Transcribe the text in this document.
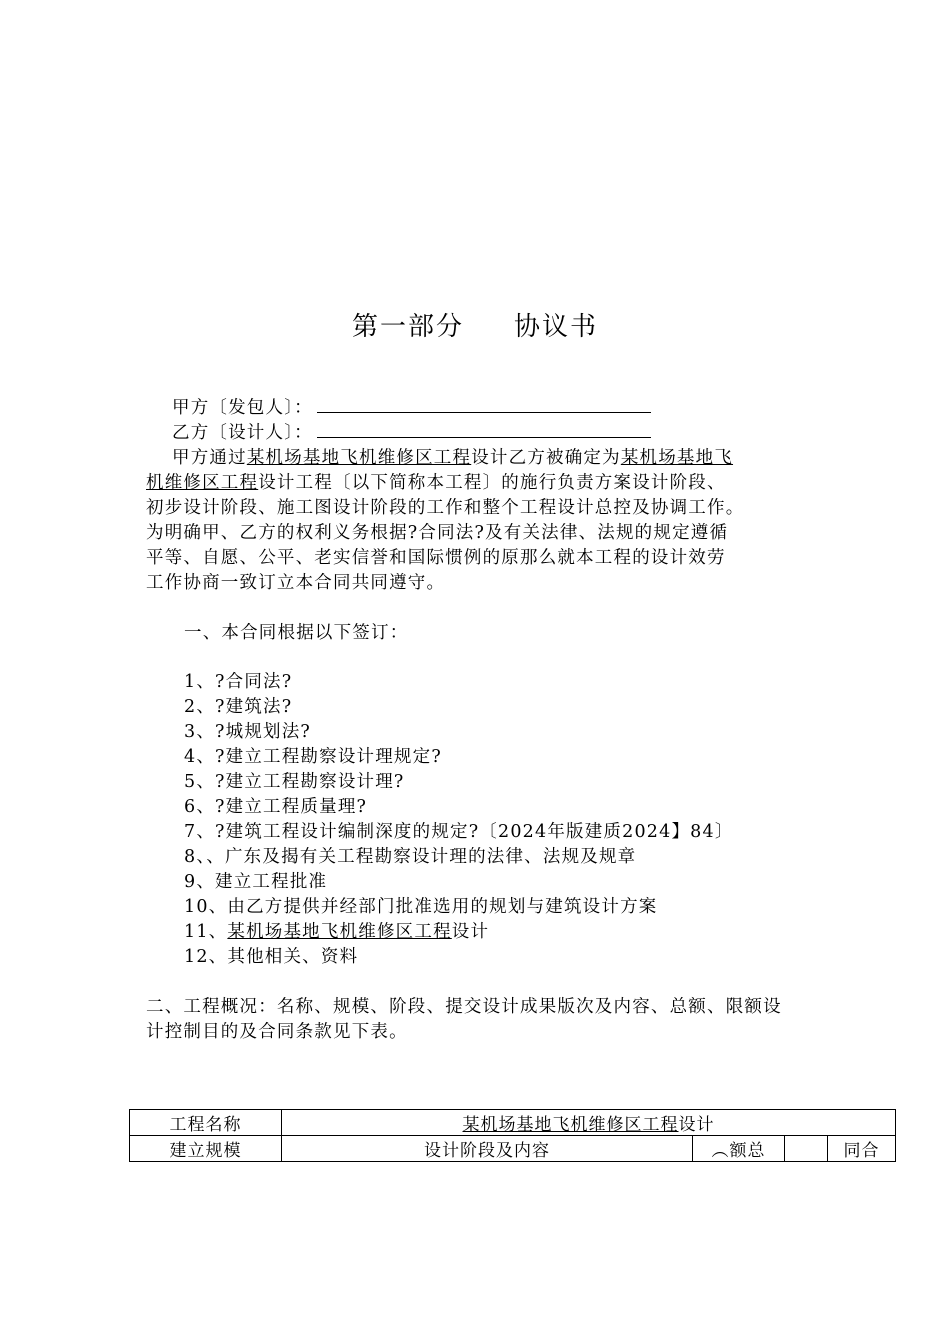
第一部分 协议书
甲方〔发包人〕：
乙方〔设计人〕：
甲方通过某机场基地飞机维修区工程设计乙方被确定为某机场基地飞
机维修区工程设计工程〔以下简称本工程〕的施行负责方案设计阶段、
初步设计阶段、施工图设计阶段的工作和整个工程设计总控及协调工作。
为明确甲、乙方的权利义务根据?合同法?及有关法律、法规的规定遵循
平等、自愿、公平、老实信誉和国际惯例的原那么就本工程的设计效劳
工作协商一致订立本合同共同遵守。
一、本合同根据以下签订：
1、?合同法?
2、?建筑法?
3、?城规划法?
4、?建立工程勘察设计理规定?
5、?建立工程勘察设计理?
6、?建立工程质量理?
7、?建筑工程设计编制深度的规定?〔2024年版建质2024】84〕
8、、广东及揭有关工程勘察设计理的法律、法规及规章
9、建立工程批准
10、由乙方提供并经部门批准选用的规划与建筑设计方案
11、某机场基地飞机维修区工程设计
12、其他相关、资料
二、工程概况：名称、规模、阶段、提交设计成果版次及内容、总额、限额设
计控制目的及合同条款见下表。
工程名称	某机场基地飞机维修区工程设计			
建立规模	设计阶段及内容	︵额总		同合
